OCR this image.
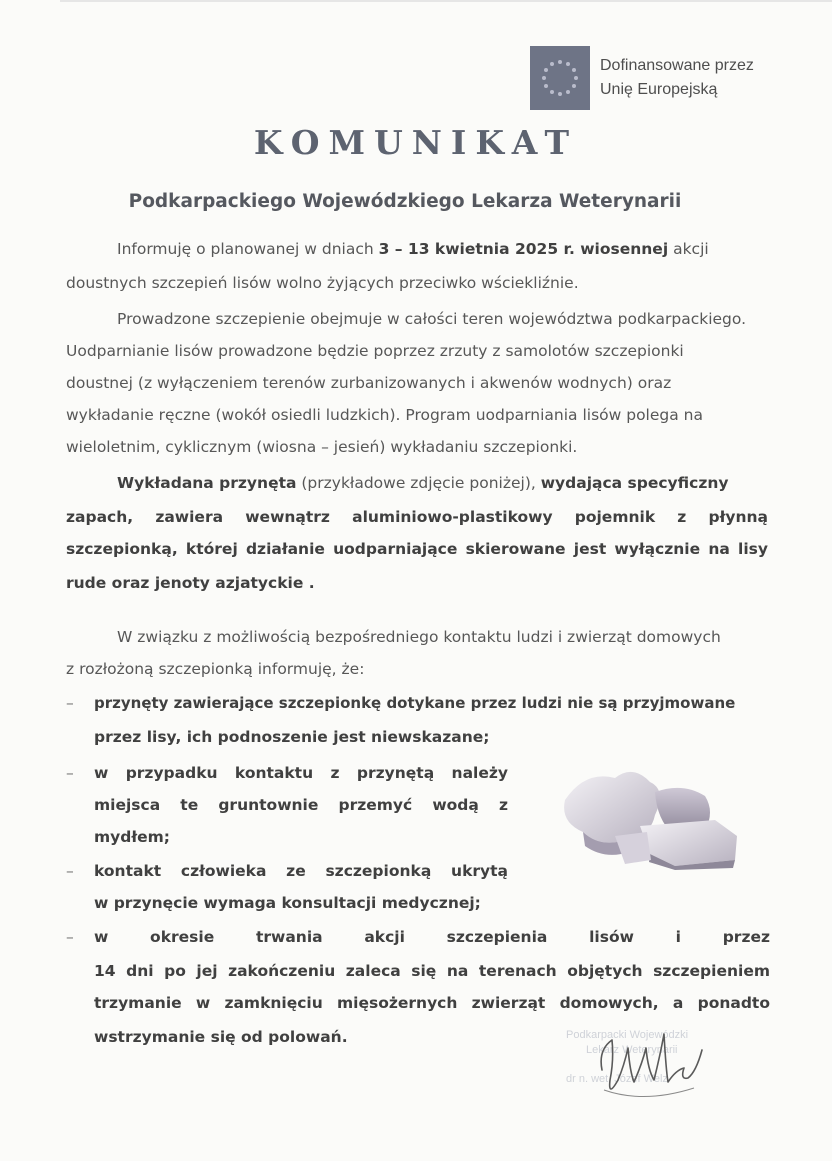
Dofinansowane przez
Unię Europejską
KOMUNIKAT
Podkarpackiego Wojewódzkiego Lekarza Weterynarii
Informuję o planowanej w dniach 3 – 13 kwietnia 2025 r. wiosennej akcji
doustnych szczepień lisów wolno żyjących przeciwko wściekliźnie.
Prowadzone szczepienie obejmuje w całości teren województwa podkarpackiego.
Uodparnianie lisów prowadzone będzie poprzez zrzuty z samolotów szczepionki
doustnej (z wyłączeniem terenów zurbanizowanych i akwenów wodnych) oraz
wykładanie ręczne (wokół osiedli ludzkich). Program uodparniania lisów polega na
wieloletnim, cyklicznym (wiosna – jesień) wykładaniu szczepionki.
Wykładana przynęta (przykładowe zdjęcie poniżej), wydająca specyficzny
zapach, zawiera wewnątrz aluminiowo-plastikowy pojemnik z płynną
szczepionką, której działanie uodparniające skierowane jest wyłącznie na lisy
rude oraz jenoty azjatyckie .
W związku z możliwością bezpośredniego kontaktu ludzi i zwierząt domowych
z rozłożoną szczepionką informuję, że:
– przynęty zawierające szczepionkę dotykane przez ludzi nie są przyjmowane
przez lisy, ich podnoszenie jest niewskazane;
– w przypadku kontaktu z przynętą należy
miejsca te gruntownie przemyć wodą z
mydłem;
– kontakt człowieka ze szczepionką ukrytą
w przynęcie wymaga konsultacji medycznej;
– w okresie trwania akcji szczepienia lisów i przez
14 dni po jej zakończeniu zaleca się na terenach objętych szczepieniem
trzymanie w zamknięciu mięsożernych zwierząt domowych, a ponadto
wstrzymanie się od polowań.	Podkarpacki Wojewódzki
Lekarz Weterynarii
dr n. wet. Józef Welz
